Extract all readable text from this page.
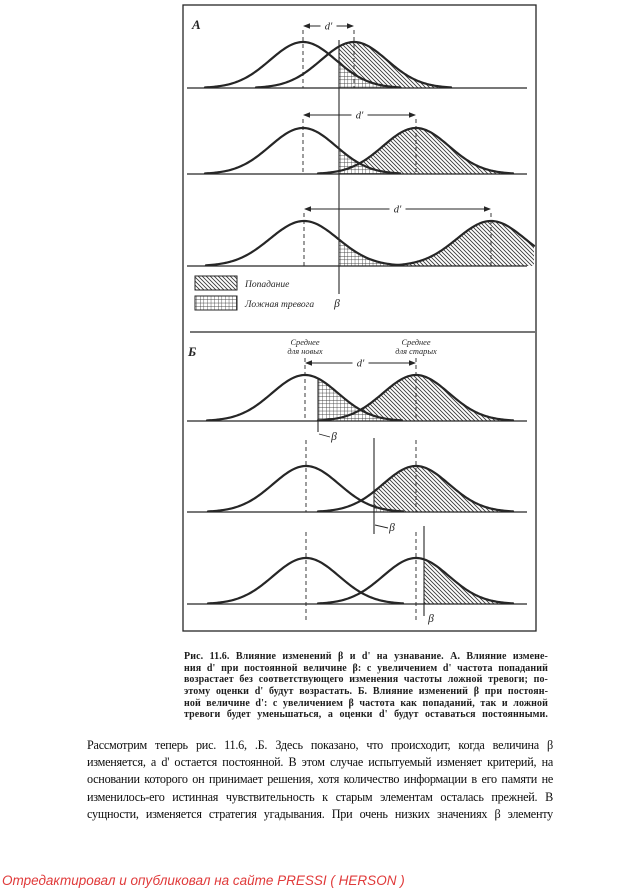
А
Б
Среднее
для новых
Среднее
для старых
d'
d'
d'
d'
β
β
β
β
Попадание
Ложная тревога
Рис. 11.6. Влияние изменений β и d' на узнавание. А. Влияние измене-
ния d' при постоянной величине β: с увеличением d' частота попаданий
возрастает без соответствующего изменения частоты ложной тревоги; по-
этому оценки d' будут возрастать. Б. Влияние изменений β при постоян-
ной величине d': с увеличением β частота как попаданий, так и ложной
тревоги будет уменьшаться, а оценки d' будут оставаться постоянными.
Рассмотрим теперь рис. 11.6, .Б. Здесь показано, что происходит, когда величина β
изменяется, а d' остается постоянной. В этом случае испытуемый изменяет критерий, на
основании которого он принимает решения, хотя количество информации в его памяти не
изменилось-его истинная чувствительность к старым элементам осталась прежней. В
сущности, изменяется стратегия угадывания. При очень низких значениях β элементу
Отредактировал и опубликовал на сайте PRESSI ( HERSON )
